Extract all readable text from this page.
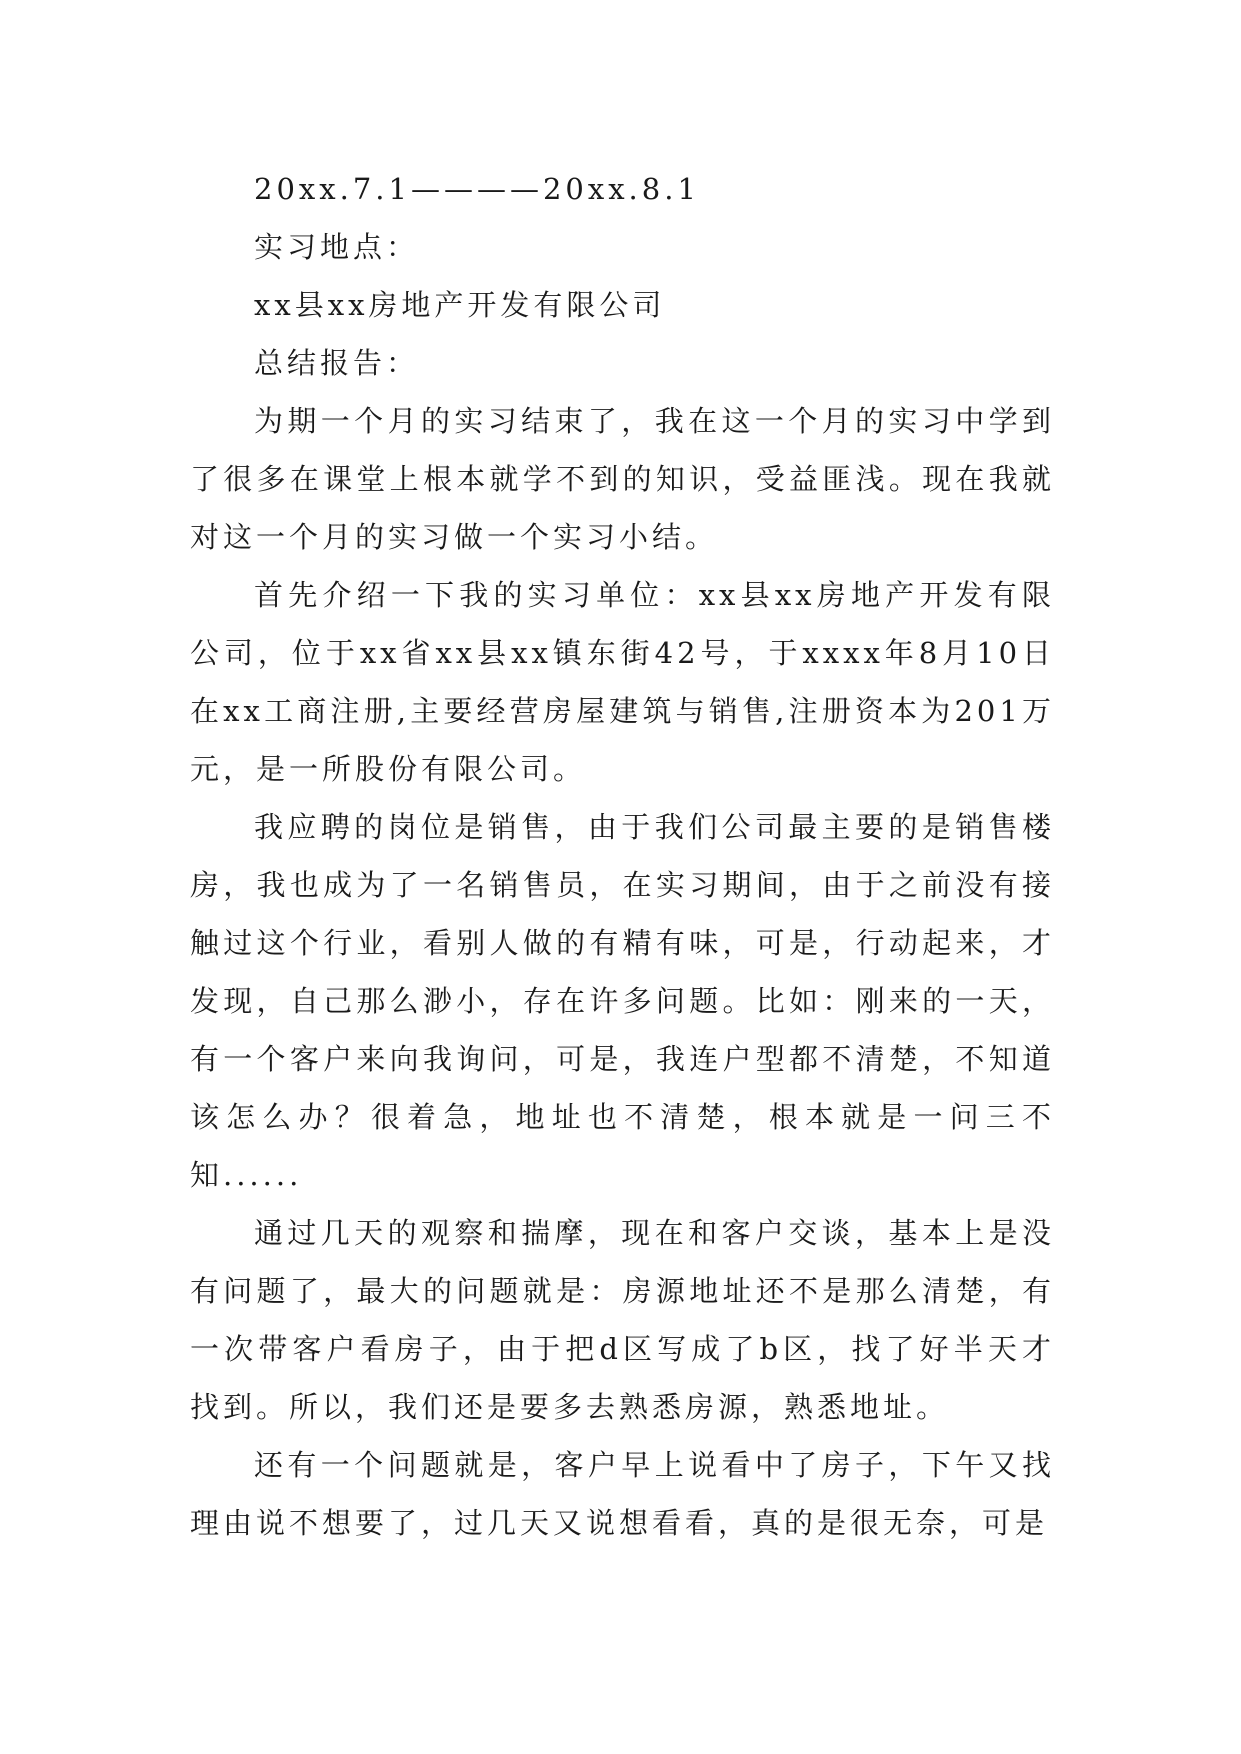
20xx.7.1————20xx.8.1

实习地点：

xx县xx房地产开发有限公司

总结报告：

为期一个月的实习结束了，我在这一个月的实习中学到了很多在课堂上根本就学不到的知识，受益匪浅。现在我就对这一个月的实习做一个实习小结。

首先介绍一下我的实习单位：xx县xx房地产开发有限公司，位于xx省xx县xx镇东街42号，于xxxx年8月10日在xx工商注册,主要经营房屋建筑与销售,注册资本为201万元，是一所股份有限公司。

我应聘的岗位是销售，由于我们公司最主要的是销售楼房，我也成为了一名销售员，在实习期间，由于之前没有接触过这个行业，看别人做的有精有味，可是，行动起来，才发现，自己那么渺小，存在许多问题。比如：刚来的一天，有一个客户来向我询问，可是，我连户型都不清楚，不知道该怎么办？很着急，地址也不清楚，根本就是一问三不知......

通过几天的观察和揣摩，现在和客户交谈，基本上是没有问题了，最大的问题就是：房源地址还不是那么清楚，有一次带客户看房子，由于把d区写成了b区，找了好半天才找到。所以，我们还是要多去熟悉房源，熟悉地址。

还有一个问题就是，客户早上说看中了房子，下午又找理由说不想要了，过几天又说想看看，真的是很无奈，可是
